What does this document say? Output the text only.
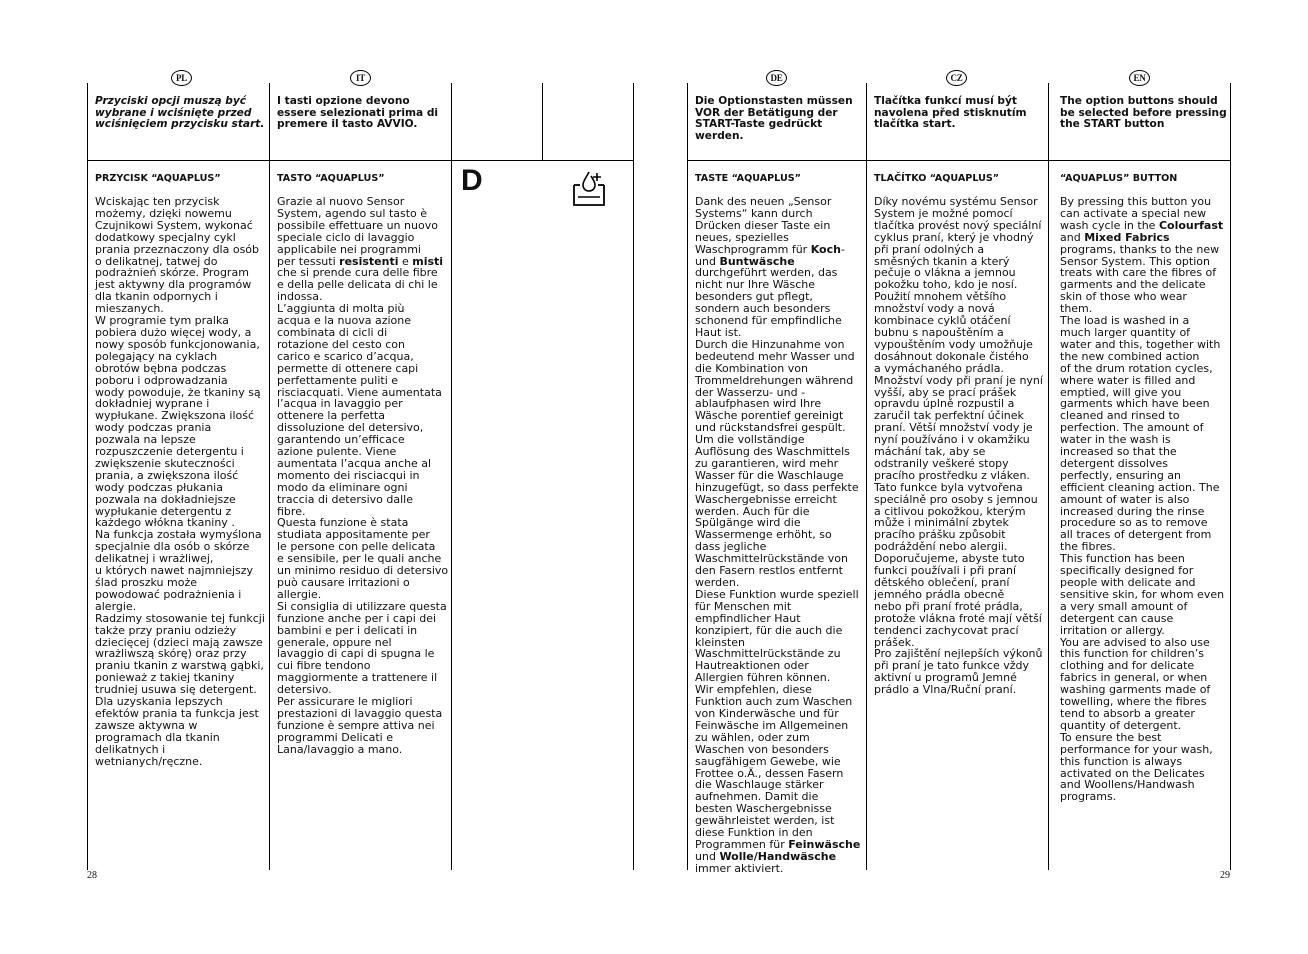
PL	IT
Przyciski opcji muszą być
wybrane i wciśnięte przed
wciśnięciem przycisku start.
PRZYCISK “AQUAPLUS”
Wciskając ten przycisk
możemy, dzięki nowemu
Czujnikowi System, wykonać
dodatkowy specjalny cykl
prania przeznaczony dla osób
o delikatnej, tatwej do
podrażnień skórze. Program
jest aktywny dla programów
dla tkanin odpornych i
mieszanych.
W programie tym pralka
pobiera dużo więcej wody, a
nowy sposób funkcjonowania,
polegający na cyklach
obrotów bębna podczas
poboru i odprowadzania
wody powoduje, że tkaniny są
dokładniej wyprane i
wypłukane. Zwiększona ilość
wody podczas prania
pozwala na lepsze
rozpuszczenie detergentu i
zwiększenie skuteczności
prania, a zwiększona ilość
wody podczas płukania
pozwala na dokładniejsze
wypłukanie detergentu z
każdego włókna tkaniny .
Na funkcja została wymyślona
specjalnie dla osób o skórze
delikatnej i wrażliwej,
u których nawet najmniejszy
ślad proszku może
powodować podrażnienia i
alergie.
Radzimy stosowanie tej funkcji
także przy praniu odzieży
dziecięcej (dzieci mają zawsze
wrażliwszą skórę) oraz przy
praniu tkanin z warstwą gąbki,
ponieważ z takiej tkaniny
trudniej usuwa się detergent.
Dla uzyskania lepszych
efektów prania ta funkcja jest
zawsze aktywna w
programach dla tkanin
delikatnych i
wetnianych/ręczne.
I tasti opzione devono
essere selezionati prima di
premere il tasto AVVIO.
TASTO “AQUAPLUS”
Grazie al nuovo Sensor
System, agendo sul tasto è
possibile effettuare un nuovo
speciale ciclo di lavaggio
applicabile nei programmi
per tessuti resistenti e misti
che si prende cura delle fibre
e della pelle delicata di chi le
indossa.
L’aggiunta di molta più
acqua e la nuova azione
combinata di cicli di
rotazione del cesto con
carico e scarico d’acqua,
permette di ottenere capi
perfettamente puliti e
risciacquati. Viene aumentata
l’acqua in lavaggio per
ottenere la perfetta
dissoluzione del detersivo,
garantendo un’efficace
azione pulente. Viene
aumentata l’acqua anche al
momento dei risciacqui in
modo da eliminare ogni
traccia di detersivo dalle
fibre.
Questa funzione è stata
studiata appositamente per
le persone con pelle delicata
e sensibile, per le quali anche
un minimo residuo di detersivo
può causare irritazioni o
allergie.
Si consiglia di utilizzare questa
funzione anche per i capi dei
bambini e per i delicati in
generale, oppure nel
lavaggio di capi di spugna le
cui fibre tendono
maggiormente a trattenere il
detersivo.
Per assicurare le migliori
prestazioni di lavaggio questa
funzione è sempre attiva nei
programmi Delicati e
Lana/lavaggio a mano.
D
28
DE	CZ	EN
Die Optionstasten müssen
VOR der Betätigung der
START-Taste gedrückt
werden.
TASTE “AQUAPLUS”
Dank des neuen „Sensor
Systems“ kann durch
Drücken dieser Taste ein
neues, spezielles
Waschprogramm für Koch-
und Buntwäsche
durchgeführt werden, das
nicht nur Ihre Wäsche
besonders gut pflegt,
sondern auch besonders
schonend für empfindliche
Haut ist.
Durch die Hinzunahme von
bedeutend mehr Wasser und
die Kombination von
Trommeldrehungen während
der Wasserzu- und -
ablaufphasen wird Ihre
Wäsche porentief gereinigt
und rückstandsfrei gespült.
Um die vollständige
Auflösung des Waschmittels
zu garantieren, wird mehr
Wasser für die Waschlauge
hinzugefügt, so dass perfekte
Waschergebnisse erreicht
werden. Auch für die
Spülgänge wird die
Wassermenge erhöht, so
dass jegliche
Waschmittelrückstände von
den Fasern restlos entfernt
werden.
Diese Funktion wurde speziell
für Menschen mit
empfindlicher Haut
konzipiert, für die auch die
kleinsten
Waschmittelrückstände zu
Hautreaktionen oder
Allergien führen können.
Wir empfehlen, diese
Funktion auch zum Waschen
von Kinderwäsche und für
Feinwäsche im Allgemeinen
zu wählen, oder zum
Waschen von besonders
saugfähigem Gewebe, wie
Frottee o.Ä., dessen Fasern
die Waschlauge stärker
aufnehmen. Damit die
besten Waschergebnisse
gewährleistet werden, ist
diese Funktion in den
Programmen für Feinwäsche
und Wolle/Handwäsche
immer aktiviert.
Tlačítka funkcí musí být
navolena před stisknutím
tlačítka start.
TLAČÍTKO “AQUAPLUS”
Díky novému systému Sensor
System je možné pomocí
tlačítka provést nový speciální
cyklus praní, který je vhodný
při praní odolných a
směsných tkanin a který
pečuje o vlákna a jemnou
pokožku toho, kdo je nosí.
Použití mnohem většího
množství vody a nová
kombinace cyklů otáčení
bubnu s napouštěním a
vypouštěním vody umožňuje
dosáhnout dokonale čistého
a vymáchaného prádla.
Množství vody při praní je nyní
vyšší, aby se prací prášek
opravdu úplně rozpustil a
zaručil tak perfektní účinek
praní. Větší množství vody je
nyní používáno i v okamžiku
máchání tak, aby se
odstranily veškeré stopy
pracího prostředku z vláken.
Tato funkce byla vytvořena
speciálně pro osoby s jemnou
a citlivou pokožkou, kterým
může i minimální zbytek
pracího prášku způsobit
podráždění nebo alergii.
Doporučujeme, abyste tuto
funkci používali i při praní
dětského oblečení, praní
jemného prádla obecně
nebo při praní froté prádla,
protože vlákna froté mají větší
tendenci zachycovat prací
prášek.
Pro zajištění nejlepších výkonů
při praní je tato funkce vždy
aktivní u programů Jemné
prádlo a Vlna/Ruční praní.
The option buttons should
be selected before pressing
the START button
“AQUAPLUS” BUTTON
By pressing this button you
can activate a special new
wash cycle in the Colourfast
and Mixed Fabrics
programs, thanks to the new
Sensor System. This option
treats with care the fibres of
garments and the delicate
skin of those who wear
them.
The load is washed in a
much larger quantity of
water and this, together with
the new combined action
of the drum rotation cycles,
where water is filled and
emptied, will give you
garments which have been
cleaned and rinsed to
perfection. The amount of
water in the wash is
increased so that the
detergent dissolves
perfectly, ensuring an
efficient cleaning action. The
amount of water is also
increased during the rinse
procedure so as to remove
all traces of detergent from
the fibres.
This function has been
specifically designed for
people with delicate and
sensitive skin, for whom even
a very small amount of
detergent can cause
irritation or allergy.
You are advised to also use
this function for children’s
clothing and for delicate
fabrics in general, or when
washing garments made of
towelling, where the fibres
tend to absorb a greater
quantity of detergent.
To ensure the best
performance for your wash,
this function is always
activated on the Delicates
and Woollens/Handwash
programs.
29
